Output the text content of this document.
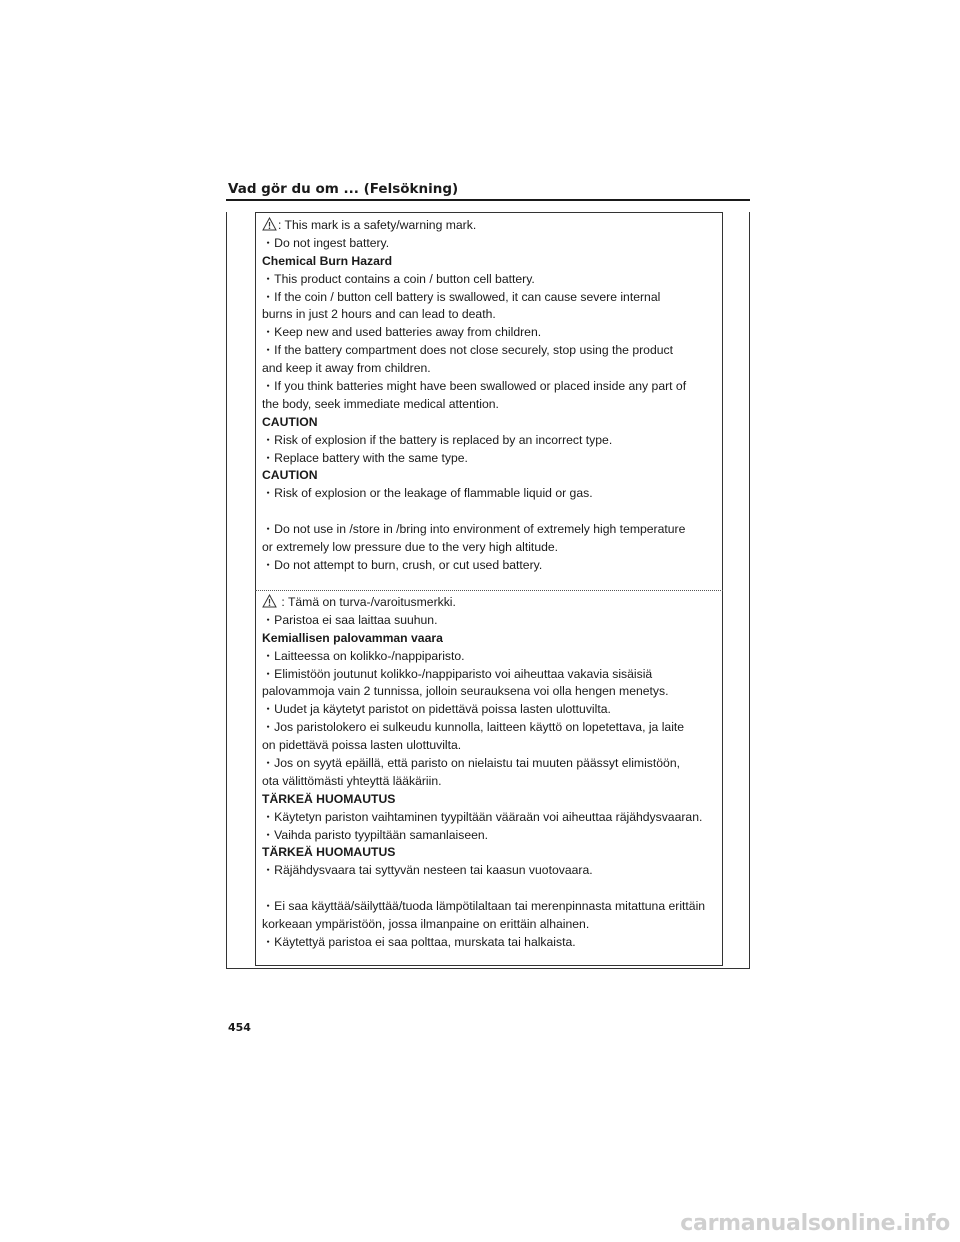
Vad gör du om ... (Felsökning)
: This mark is a safety/warning mark.
・Do not ingest battery.
Chemical Burn Hazard
・This product contains a coin / button cell battery.
・If the coin / button cell battery is swallowed, it can cause severe internal
burns in just 2 hours and can lead to death.
・Keep new and used batteries away from children.
・If the battery compartment does not close securely, stop using the product
and keep it away from children.
・If you think batteries might have been swallowed or placed inside any part of
the body, seek immediate medical attention.
CAUTION
・Risk of explosion if the battery is replaced by an incorrect type.
・Replace battery with the same type.
CAUTION
・Risk of explosion or the leakage of flammable liquid or gas.
・Do not use in /store in /bring into environment of extremely high temperature
or extremely low pressure due to the very high altitude.
・Do not attempt to burn, crush, or cut used battery.
: Tämä on turva-/varoitusmerkki.
・Paristoa ei saa laittaa suuhun.
Kemiallisen palovamman vaara
・Laitteessa on kolikko-/nappiparisto.
・Elimistöön joutunut kolikko-/nappiparisto voi aiheuttaa vakavia sisäisiä
palovammoja vain 2 tunnissa, jolloin seurauksena voi olla hengen menetys.
・Uudet ja käytetyt paristot on pidettävä poissa lasten ulottuvilta.
・Jos paristolokero ei sulkeudu kunnolla, laitteen käyttö on lopetettava, ja laite
on pidettävä poissa lasten ulottuvilta.
・Jos on syytä epäillä, että paristo on nielaistu tai muuten päässyt elimistöön,
ota välittömästi yhteyttä lääkäriin.
TÄRKEÄ HUOMAUTUS
・Käytetyn pariston vaihtaminen tyypiltään vääraän voi aiheuttaa räjähdysvaaran.
・Vaihda paristo tyypiltään samanlaiseen.
TÄRKEÄ HUOMAUTUS
・Räjähdysvaara tai syttyvän nesteen tai kaasun vuotovaara.
・Ei saa käyttää/säilyttää/tuoda lämpötilaltaan tai merenpinnasta mitattuna erittäin
korkeaan ympäristöön, jossa ilmanpaine on erittäin alhainen.
・Käytettyä paristoa ei saa polttaa, murskata tai halkaista.
454
carmanualsonline.info
